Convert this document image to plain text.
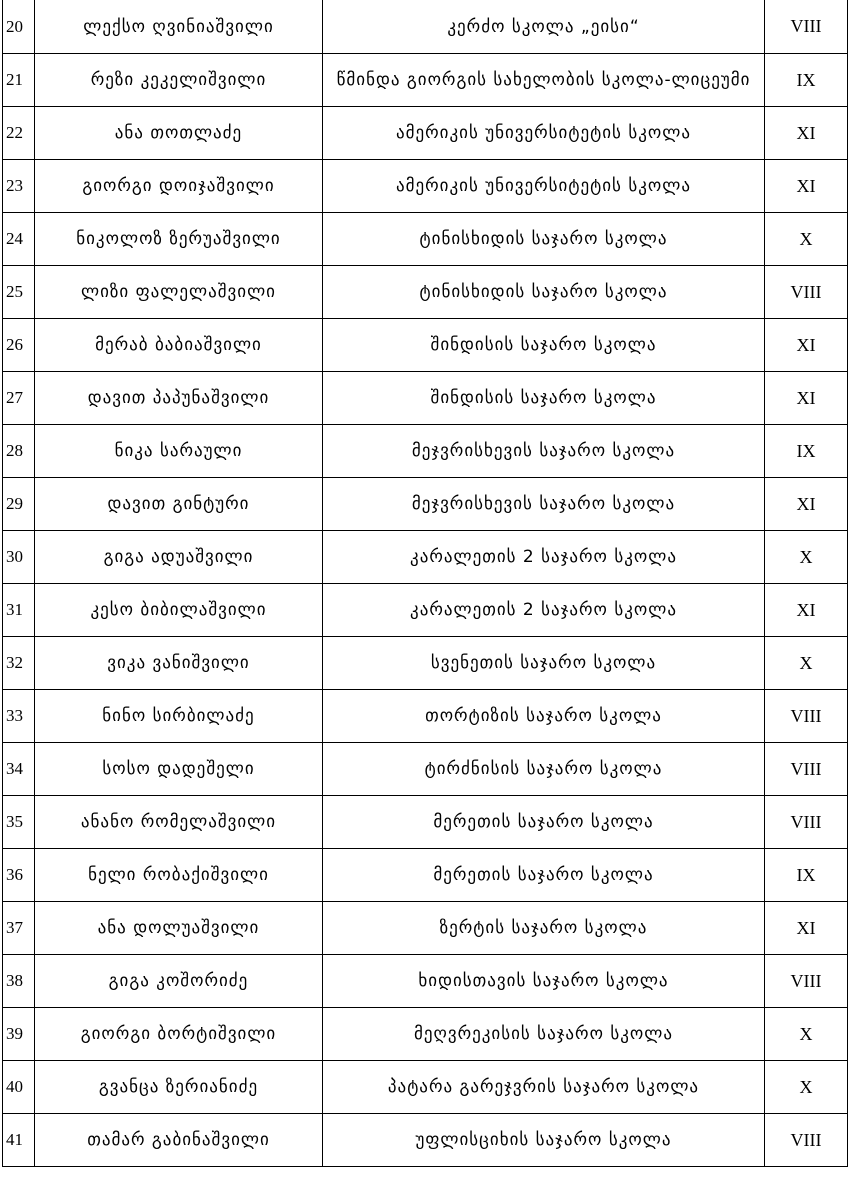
20	ლექსო ღვინიაშვილი	კერძო სკოლა „ეისი“	VIII
21	რეზი კეკელიშვილი	წმინდა გიორგის სახელობის სკოლა-ლიცეუმი	IX
22	ანა თოთლაძე	ამერიკის უნივერსიტეტის სკოლა	XI
23	გიორგი დოიჯაშვილი	ამერიკის უნივერსიტეტის სკოლა	XI
24	ნიკოლოზ ზერუაშვილი	ტინისხიდის საჯარო სკოლა	X
25	ლიზი ფალელაშვილი	ტინისხიდის საჯარო სკოლა	VIII
26	მერაბ ბაბიაშვილი	შინდისის საჯარო სკოლა	XI
27	დავით პაპუნაშვილი	შინდისის საჯარო სკოლა	XI
28	ნიკა სარაული	მეჯვრისხევის საჯარო სკოლა	IX
29	დავით გინტური	მეჯვრისხევის საჯარო სკოლა	XI
30	გიგა ადუაშვილი	კარალეთის 2 საჯარო სკოლა	X
31	კესო ბიბილაშვილი	კარალეთის 2 საჯარო სკოლა	XI
32	ვიკა ვანიშვილი	სვენეთის საჯარო სკოლა	X
33	ნინო სირბილაძე	თორტიზის საჯარო სკოლა	VIII
34	სოსო დადეშელი	ტირძნისის საჯარო სკოლა	VIII
35	ანანო რომელაშვილი	მერეთის საჯარო სკოლა	VIII
36	ნელი რობაქიშვილი	მერეთის საჯარო სკოლა	IX
37	ანა დოლუაშვილი	ზერტის საჯარო სკოლა	XI
38	გიგა კოშორიძე	ხიდისთავის საჯარო სკოლა	VIII
39	გიორგი ბორტიშვილი	მეღვრეკისის საჯარო სკოლა	X
40	გვანცა ზერიანიძე	პატარა გარეჯვრის საჯარო სკოლა	X
41	თამარ გაბინაშვილი	უფლისციხის საჯარო სკოლა	VIII
